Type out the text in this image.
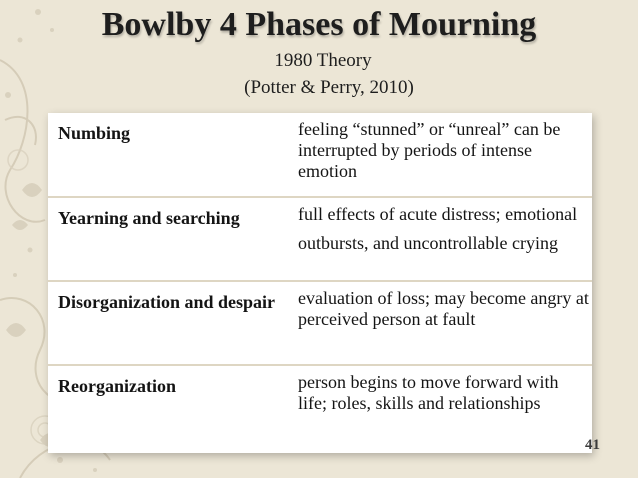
Bowlby 4 Phases of Mourning
1980 Theory
(Potter & Perry, 2010)
Numbing	feeling “stunned” or “unreal” can be interrupted by periods of intense emotion
Yearning and searching	full effects of acute distress; emotional outbursts, and uncontrollable crying
Disorganization and despair	evaluation of loss; may become angry at perceived person at fault
Reorganization	person begins to move forward with life; roles, skills and relationships
41
